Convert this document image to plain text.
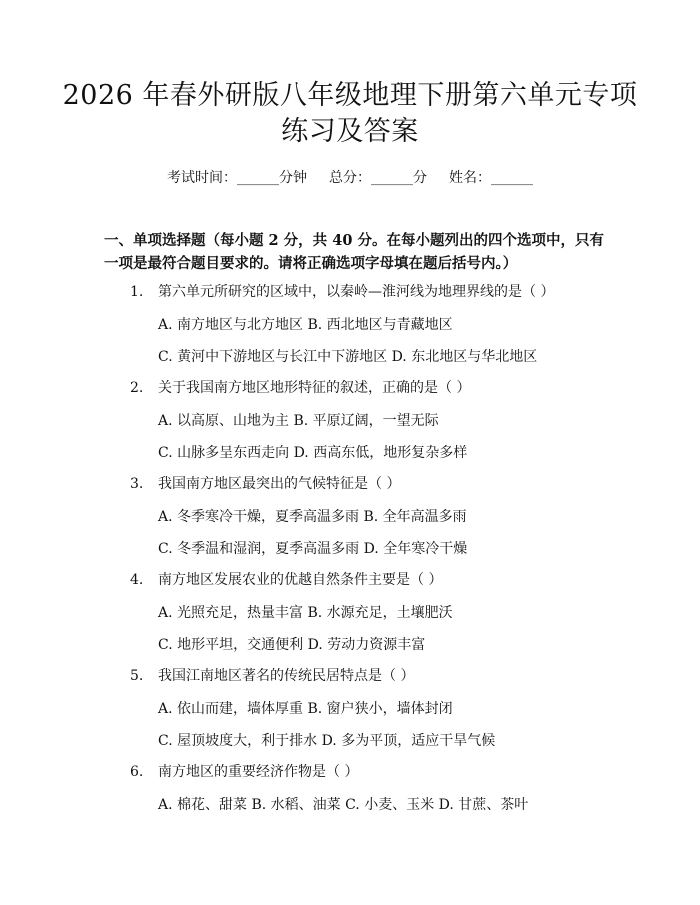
2026 年春外研版八年级地理下册第六单元专项练习及答案
考试时间：______分钟 总分：______分 姓名：______
一、单项选择题（每小题 2 分，共 40 分。在每小题列出的四个选项中，只有一项是最符合题目要求的。请将正确选项字母填在题后括号内。）
1. 第六单元所研究的区域中，以秦岭—淮河线为地理界线的是（ ）
A. 南方地区与北方地区 B. 西北地区与青藏地区
C. 黄河中下游地区与长江中下游地区 D. 东北地区与华北地区
2. 关于我国南方地区地形特征的叙述，正确的是（ ）
A. 以高原、山地为主 B. 平原辽阔，一望无际
C. 山脉多呈东西走向 D. 西高东低，地形复杂多样
3. 我国南方地区最突出的气候特征是（ ）
A. 冬季寒冷干燥，夏季高温多雨 B. 全年高温多雨
C. 冬季温和湿润，夏季高温多雨 D. 全年寒冷干燥
4. 南方地区发展农业的优越自然条件主要是（ ）
A. 光照充足，热量丰富 B. 水源充足，土壤肥沃
C. 地形平坦，交通便利 D. 劳动力资源丰富
5. 我国江南地区著名的传统民居特点是（ ）
A. 依山而建，墙体厚重 B. 窗户狭小，墙体封闭
C. 屋顶坡度大，利于排水 D. 多为平顶，适应干旱气候
6. 南方地区的重要经济作物是（ ）
A. 棉花、甜菜 B. 水稻、油菜 C. 小麦、玉米 D. 甘蔗、茶叶
